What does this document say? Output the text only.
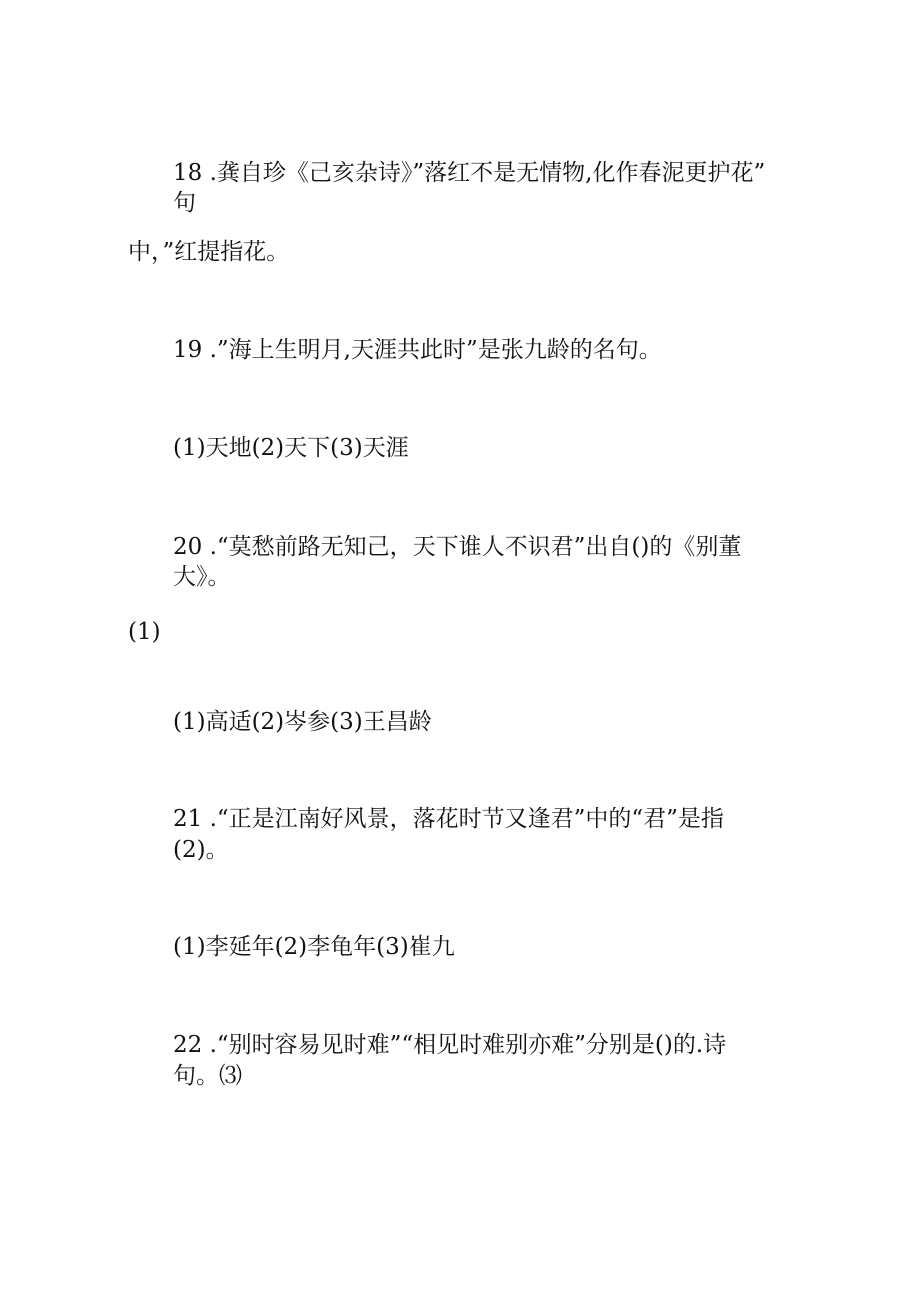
18 .龚自珍《己亥杂诗》”落红不是无情物,化作春泥更护花”
句
中，”红提指花。
19 .”海上生明月,天涯共此时”是张九龄的名句。
(1)天地(2)天下(3)天涯
20 .“莫愁前路无知己，天下谁人不识君”出自()的《别董
大》。
(1)
(1)高适(2)岑参(3)王昌龄
21 .“正是江南好风景，落花时节又逢君”中的“君”是指
(2)。
(1)李延年(2)李龟年(3)崔九
22 .“别时容易见时难”“相见时难别亦难”分别是()的.诗
句。⑶
